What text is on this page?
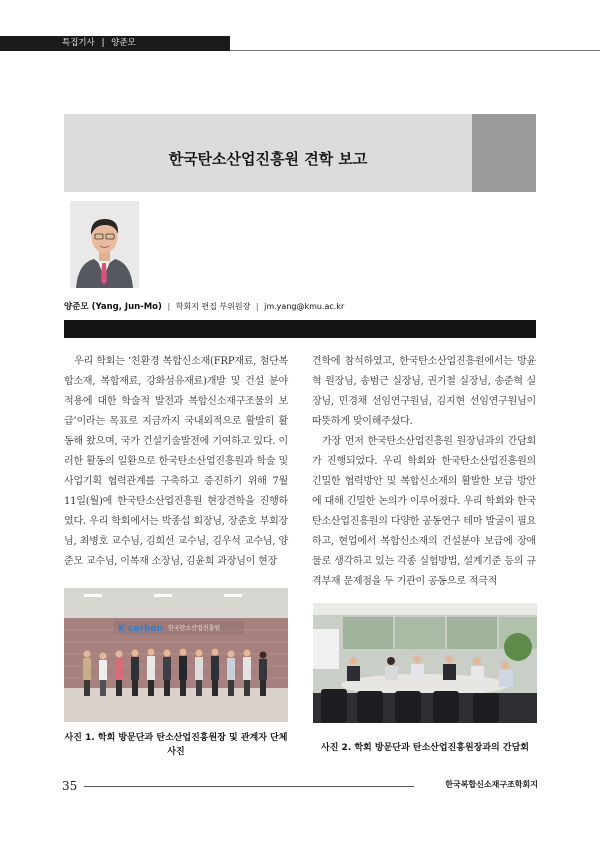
특집기사 | 양준모
한국탄소산업진흥원 견학 보고
양준모 (Yang, Jun-Mo) | 학회지 편집 부위원장 | jm.yang@kmu.ac.kr

우리 학회는 ‘친환경 복합신소재(FRP재료, 첨단복합소재, 복합재료, 강화섬유재료)개발 및 건설 분야 적용에 대한 학술적 발전과 복합신소재구조물의 보급’이라는 목표로 지금까지 국내외적으로 활발히 활동해 왔으며, 국가 건설기술발전에 기여하고 있다. 이러한 활동의 일환으로 한국탄소산업진흥원과 학술 및 사업기획 협력관계를 구축하고 증진하기 위해 7월 11일(월)에 한국탄소산업진흥원 현장견학을 진행하였다. 우리 학회에서는 박종섭 회장님, 장준호 부회장님, 최병호 교수님, 김희선 교수님, 김우석 교수님, 양준모 교수님, 이복재 소장님, 김윤희 과장님이 현장

견학에 참석하였고, 한국탄소산업진흥원에서는 방윤혁 원장님, 송범근 실장님, 권기철 실장님, 송준혁 실장님, 민경채 선임연구원님, 김지현 선임연구원님이 따뜻하게 맞이해주셨다.

가장 먼저 한국탄소산업진흥원 원장님과의 간담회가 진행되었다. 우리 학회와 한국탄소산업진흥원의 긴밀한 협력방안 및 복합신소재의 활발한 보급 방안에 대해 긴밀한 논의가 이루어졌다. 우리 학회와 한국탄소산업진흥원의 다양한 공동연구 테마 발굴이 필요하고, 현업에서 복합신소재의 건설분야 보급에 장애물로 생각하고 있는 각종 실험방법, 설계기준 등의 규격부재 문제점을 두 기관이 공동으로 적극적

K carbon 한국탄소산업진흥원
사진 1. 학회 방문단과 탄소산업진흥원장 및 관계자 단체 사진	사진 2. 학회 방문단과 탄소산업진흥원장과의 간담회
35	한국복합신소재구조학회지
